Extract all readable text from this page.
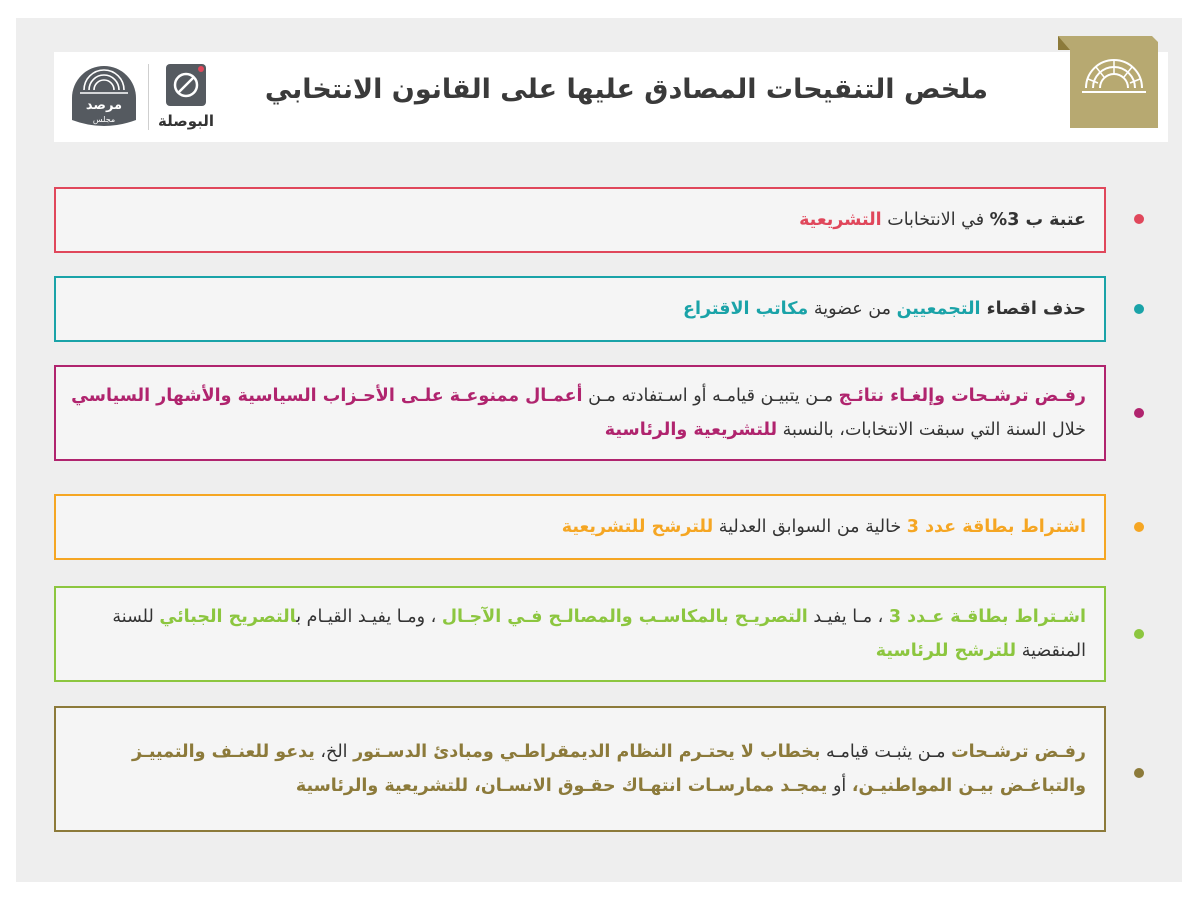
مرصد
مجلس	البوصلة
ملخص التنقيحات المصادق عليها على القانون الانتخابي
عتبة ب 3% في الانتخابات التشريعية
حذف اقصاء التجمعيين من عضوية مكاتب الاقتراع
رفـض ترشـحات وإلغـاء نتائـج مـن يتبيـن قيامـه أو اسـتفادته مـن أعمـال ممنوعـة علـى الأحـزاب السياسية والأشهار السياسي خلال السنة التي سبقت الانتخابات، بالنسبة للتشريعية والرئاسية
اشتراط بطاقة عدد 3 خالية من السوابق العدلية للترشح للتشريعية
اشـتراط بطاقـة عـدد 3 ، مـا يفيـد التصريـح بالمكاسـب والمصالـح فـي الآجـال ، ومـا يفيـد القيـام بالتصريح الجبائي للسنة المنقضية للترشح للرئاسية
رفـض ترشـحات مـن يثبـت قيامـه بخطاب لا يحتـرم النظام الديمقراطـي ومبادئ الدسـتور الخ، يدعو للعنـف والتمييـز والتباغـض بيـن المواطنيـن، أو يمجـد ممارسـات انتهـاك حقـوق الانسـان، للتشريعية والرئاسية
